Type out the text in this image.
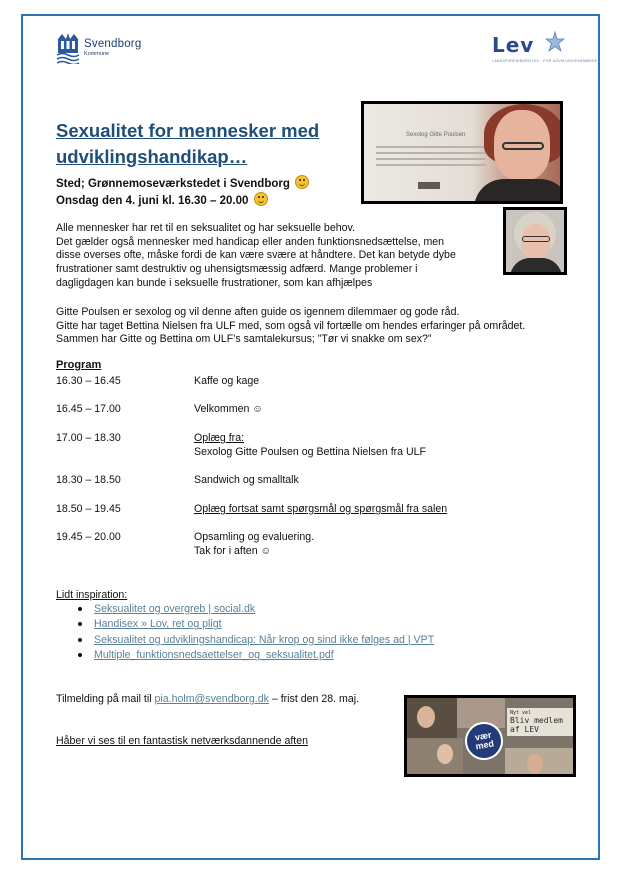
Svendborg
Kommune	Lev
LANDSFORENINGEN LEV - FOR UDVIKLINGSHÆMMEDE
Sexolog Gitte Poulsen
Sexualitet for mennesker med udviklingshandikap…
Sted; Grønnemoseværkstedet i Svendborg
Onsdag den 4. juni kl. 16.30 – 20.00
Alle mennesker har ret til en seksualitet og har seksuelle behov.
Det gælder også mennesker med handicap eller anden funktionsnedsættelse, men
disse overses ofte, måske fordi de kan være svære at håndtere. Det kan betyde dybe
frustrationer samt destruktiv og uhensigtsmæssig adfærd. Mange problemer i
dagligdagen kan bunde i seksuelle frustrationer, som kan afhjælpes
Gitte Poulsen er sexolog og vil denne aften guide os igennem dilemmaer og gode råd.
Gitte har taget Bettina Nielsen fra ULF med, som også vil fortælle om hendes erfaringer på området.
Sammen har Gitte og Bettina om ULF’s samtalekursus; ”Tør vi snakke om sex?”
Program
16.30 – 16.45	Kaffe og kage
16.45 – 17.00	Velkommen ☺
17.00 – 18.30	Oplæg fra:
Sexolog Gitte Poulsen og Bettina Nielsen fra ULF
18.30 – 18.50	Sandwich og smalltalk
18.50 – 19.45	Oplæg fortsat samt spørgsmål og spørgsmål fra salen
19.45 – 20.00	Opsamling og evaluering.
Tak for i aften ☺
Lidt inspiration:
Seksualitet og overgreb | social.dk
Handisex » Lov, ret og pligt
Seksualitet og udviklingshandicap: Når krop og sind ikke følges ad | VPT
Multiple_funktionsnedsaettelser_og_seksualitet.pdf
Tilmelding på mail til pia.holm@svendborg.dk – frist den 28. maj.
Håber vi ses til en fantastisk netværksdannende aften
Nyt vel
Bliv medlem af LEV
vær med
